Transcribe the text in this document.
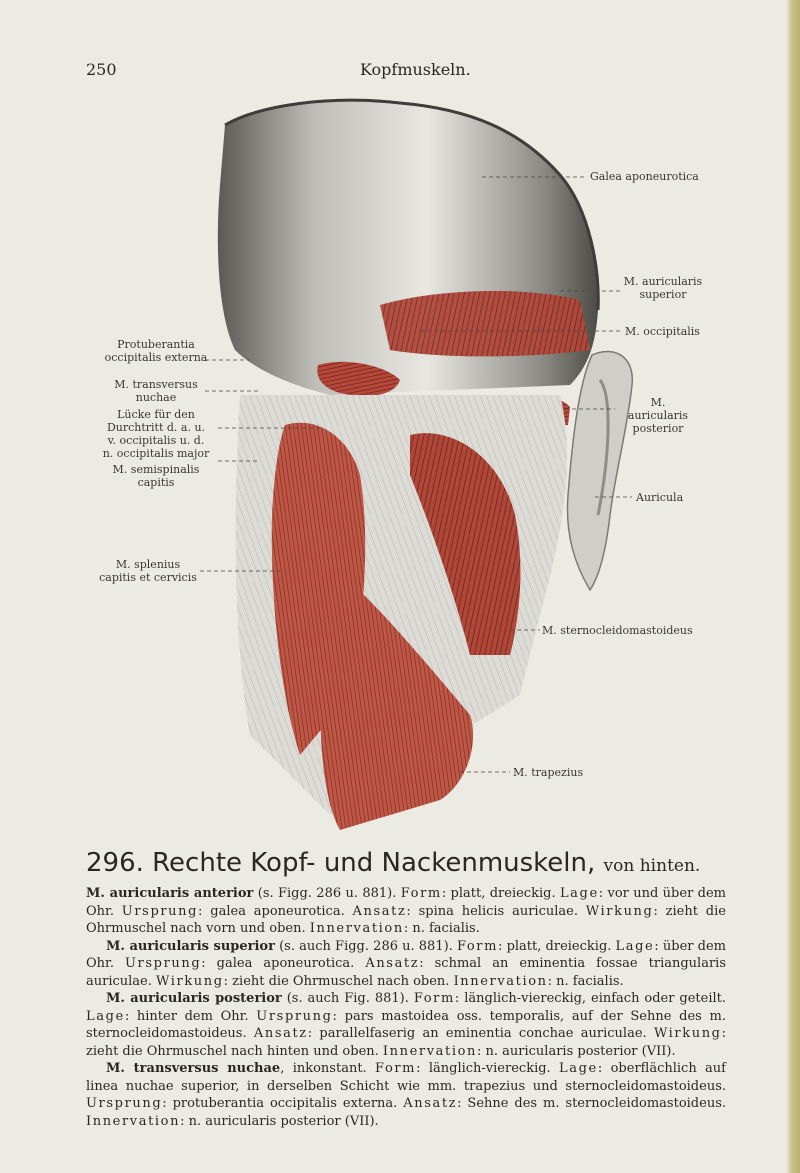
250	Kopfmuskeln.
Galea aponeurotica
M. auricularis
superior
M. occipitalis
Protuberantia
occipitalis externa
M. transversus
nuchae
Lücke für den
Durchtritt d. a. u.
v. occipitalis u. d.
n. occipitalis major
M.
auricularis
posterior
M. semispinalis
capitis
Auricula
M. splenius
capitis et cervicis
M. sternocleidomastoideus
M. trapezius
296. Rechte Kopf- und Nackenmuskeln, von hinten.

M. auricularis anterior (s. Figg. 286 u. 881). Form: platt, dreieckig. Lage: vor und über dem Ohr. Ursprung: galea aponeurotica. Ansatz: spina helicis auriculae. Wirkung: zieht die Ohrmuschel nach vorn und oben. Innervation: n. facialis.

M. auricularis superior (s. auch Figg. 286 u. 881). Form: platt, dreieckig. Lage: über dem Ohr. Ursprung: galea aponeurotica. Ansatz: schmal an eminentia fossae triangularis auriculae. Wirkung: zieht die Ohrmuschel nach oben. Innervation: n. facialis.

M. auricularis posterior (s. auch Fig. 881). Form: länglich-viereckig, einfach oder geteilt. Lage: hinter dem Ohr. Ursprung: pars mastoidea oss. temporalis, auf der Sehne des m. sternocleidomastoideus. Ansatz: parallelfaserig an eminentia conchae auriculae. Wirkung: zieht die Ohrmuschel nach hinten und oben. Innervation: n. auricularis posterior (VII).

M. transversus nuchae, inkonstant. Form: länglich-viereckig. Lage: oberflächlich auf linea nuchae superior, in derselben Schicht wie mm. trapezius und sternocleidomastoideus. Ursprung: protuberantia occipitalis externa. Ansatz: Sehne des m. sternocleidomastoideus. Innervation: n. auricularis posterior (VII).
